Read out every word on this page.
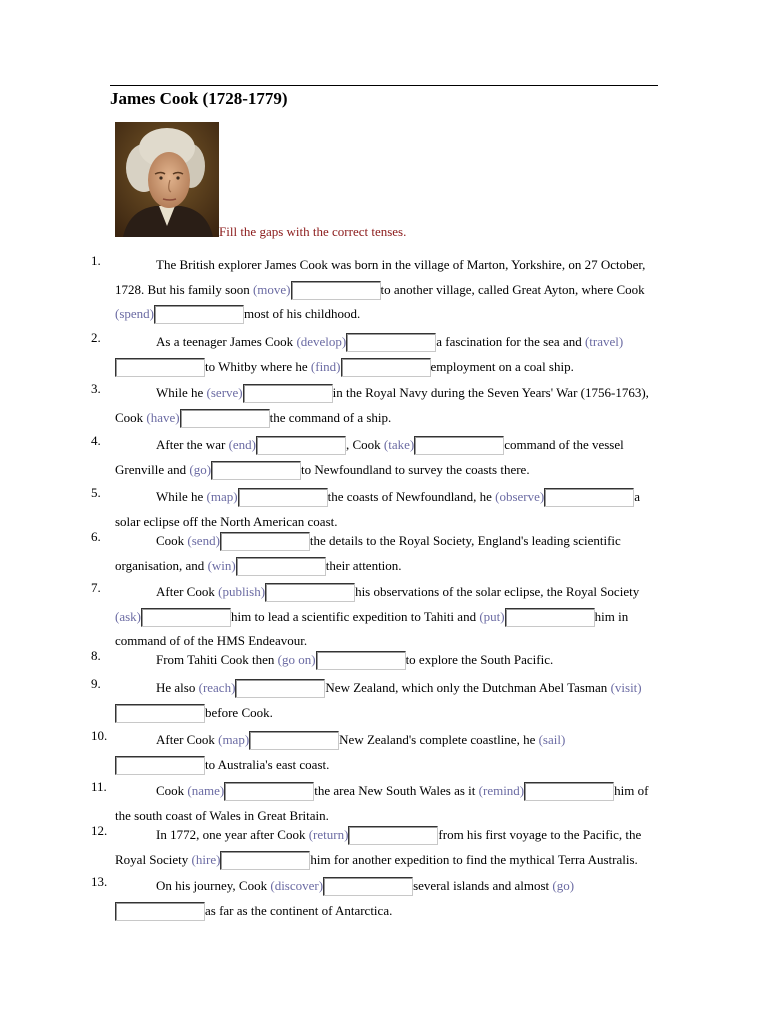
James Cook (1728-1779)
Fill the gaps with the correct tenses.
1.	The British explorer James Cook was born in the village of Marton, Yorkshire, on 27 October, 1728. But his family soon (move)	to another village, called Great Ayton, where Cook (spend)	most of his childhood.
2.	As a teenager James Cook (develop)	a fascination for the sea and (travel)to Whitby where he (find)	employment on a coal ship.
3.	While he (serve)	in the Royal Navy during the Seven Years' War (1756-1763), Cook (have)	the command of a ship.
4.	After the war (end)	, Cook (take)	command of the vessel Grenville and (go)	to Newfoundland to survey the coasts there.
5.	While he (map)	the coasts of Newfoundland, he (observe)	a solar eclipse off the North American coast.
6.	Cook (send)	the details to the Royal Society, England's leading scientific organisation, and (win)	their attention.
7.	After Cook (publish)	his observations of the solar eclipse, the Royal Society (ask)	him to lead a scientific expedition to Tahiti and (put)	him in command of of the HMS Endeavour.
8.	From Tahiti Cook then (go on)	to explore the South Pacific.
9.	He also (reach)	New Zealand, which only the Dutchman Abel Tasman (visit)before Cook.
10.	After Cook (map)	New Zealand's complete coastline, he (sail)to Australia's east coast.
11.	Cook (name)	the area New South Wales as it (remind)	him of the south coast of Wales in Great Britain.
12.	In 1772, one year after Cook (return)	from his first voyage to the Pacific, the Royal Society (hire)	him for another expedition to find the mythical Terra Australis.
13.	On his journey, Cook (discover)	several islands and almost (go)as far as the continent of Antarctica.
